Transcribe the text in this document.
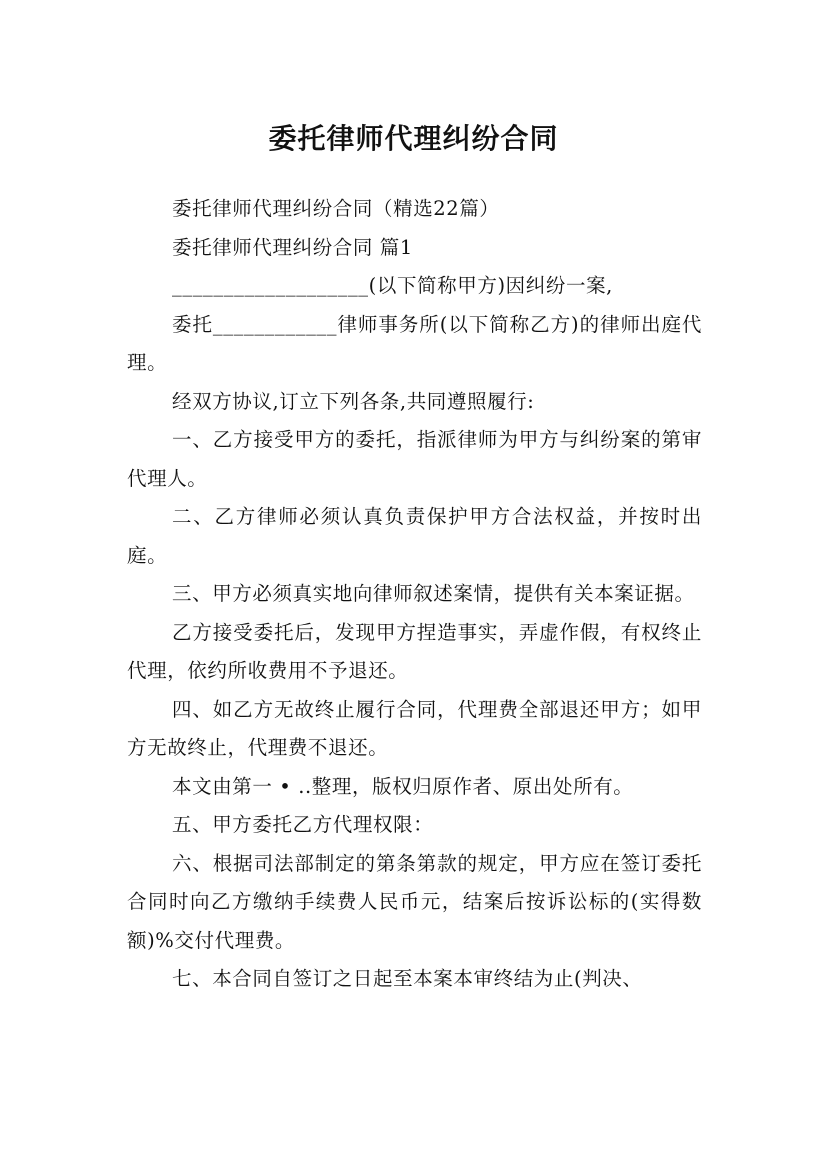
委托律师代理纠纷合同

委托律师代理纠纷合同（精选22篇）

委托律师代理纠纷合同 篇1

___________________(以下简称甲方)因纠纷一案,

委托____________律师事务所(以下简称乙方)的律师出庭代理。

经双方协议,订立下列各条,共同遵照履行:

一、乙方接受甲方的委托，指派律师为甲方与纠纷案的第审代理人。

二、乙方律师必须认真负责保护甲方合法权益，并按时出庭。

三、甲方必须真实地向律师叙述案情，提供有关本案证据。

乙方接受委托后，发现甲方捏造事实，弄虚作假，有权终止代理，依约所收费用不予退还。

四、如乙方无故终止履行合同，代理费全部退还甲方；如甲方无故终止，代理费不退还。

本文由第一 • ..整理，版权归原作者、原出处所有。

五、甲方委托乙方代理权限：

六、根据司法部制定的第条第款的规定，甲方应在签订委托合同时向乙方缴纳手续费人民币元，结案后按诉讼标的(实得数额)%交付代理费。

七、本合同自签订之日起至本案本审终结为止(判决、
